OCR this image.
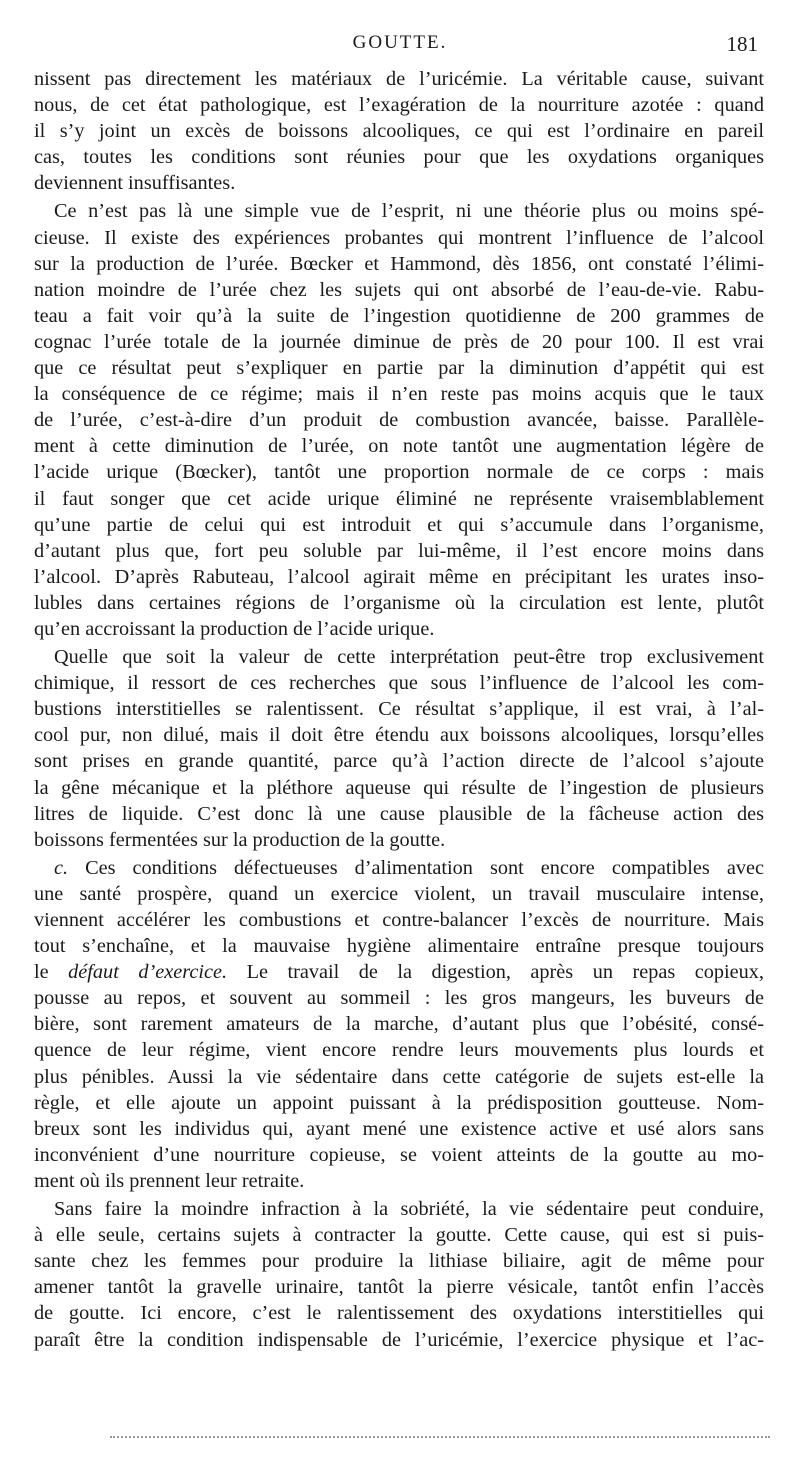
GOUTTE.	181

nissent pas directement les matériaux de l’uricémie. La véritable cause, suivant
nous, de cet état pathologique, est l’exagération de la nourriture azotée : quand
il s’y joint un excès de boissons alcooliques, ce qui est l’ordinaire en pareil
cas, toutes les conditions sont réunies pour que les oxydations organiques
deviennent insuffisantes.

Ce n’est pas là une simple vue de l’esprit, ni une théorie plus ou moins spé-
cieuse. Il existe des expériences probantes qui montrent l’influence de l’alcool
sur la production de l’urée. Bœcker et Hammond, dès 1856, ont constaté l’élimi-
nation moindre de l’urée chez les sujets qui ont absorbé de l’eau-de-vie. Rabu-
teau a fait voir qu’à la suite de l’ingestion quotidienne de 200 grammes de
cognac l’urée totale de la journée diminue de près de 20 pour 100. Il est vrai
que ce résultat peut s’expliquer en partie par la diminution d’appétit qui est
la conséquence de ce régime; mais il n’en reste pas moins acquis que le taux
de l’urée, c’est-à-dire d’un produit de combustion avancée, baisse. Parallèle-
ment à cette diminution de l’urée, on note tantôt une augmentation légère de
l’acide urique (Bœcker), tantôt une proportion normale de ce corps : mais
il faut songer que cet acide urique éliminé ne représente vraisemblablement
qu’une partie de celui qui est introduit et qui s’accumule dans l’organisme,
d’autant plus que, fort peu soluble par lui-même, il l’est encore moins dans
l’alcool. D’après Rabuteau, l’alcool agirait même en précipitant les urates inso-
lubles dans certaines régions de l’organisme où la circulation est lente, plutôt
qu’en accroissant la production de l’acide urique.

Quelle que soit la valeur de cette interprétation peut-être trop exclusivement
chimique, il ressort de ces recherches que sous l’influence de l’alcool les com-
bustions interstitielles se ralentissent. Ce résultat s’applique, il est vrai, à l’al-
cool pur, non dilué, mais il doit être étendu aux boissons alcooliques, lorsqu’elles
sont prises en grande quantité, parce qu’à l’action directe de l’alcool s’ajoute
la gêne mécanique et la pléthore aqueuse qui résulte de l’ingestion de plusieurs
litres de liquide. C’est donc là une cause plausible de la fâcheuse action des
boissons fermentées sur la production de la goutte.

c. Ces conditions défectueuses d’alimentation sont encore compatibles avec
une santé prospère, quand un exercice violent, un travail musculaire intense,
viennent accélérer les combustions et contre-balancer l’excès de nourriture. Mais
tout s’enchaîne, et la mauvaise hygiène alimentaire entraîne presque toujours
le défaut d’exercice. Le travail de la digestion, après un repas copieux,
pousse au repos, et souvent au sommeil : les gros mangeurs, les buveurs de
bière, sont rarement amateurs de la marche, d’autant plus que l’obésité, consé-
quence de leur régime, vient encore rendre leurs mouvements plus lourds et
plus pénibles. Aussi la vie sédentaire dans cette catégorie de sujets est-elle la
règle, et elle ajoute un appoint puissant à la prédisposition goutteuse. Nom-
breux sont les individus qui, ayant mené une existence active et usé alors sans
inconvénient d’une nourriture copieuse, se voient atteints de la goutte au mo-
ment où ils prennent leur retraite.

Sans faire la moindre infraction à la sobriété, la vie sédentaire peut conduire,
à elle seule, certains sujets à contracter la goutte. Cette cause, qui est si puis-
sante chez les femmes pour produire la lithiase biliaire, agit de même pour
amener tantôt la gravelle urinaire, tantôt la pierre vésicale, tantôt enfin l’accès
de goutte. Ici encore, c’est le ralentissement des oxydations interstitielles qui
paraît être la condition indispensable de l’uricémie, l’exercice physique et l’ac-
